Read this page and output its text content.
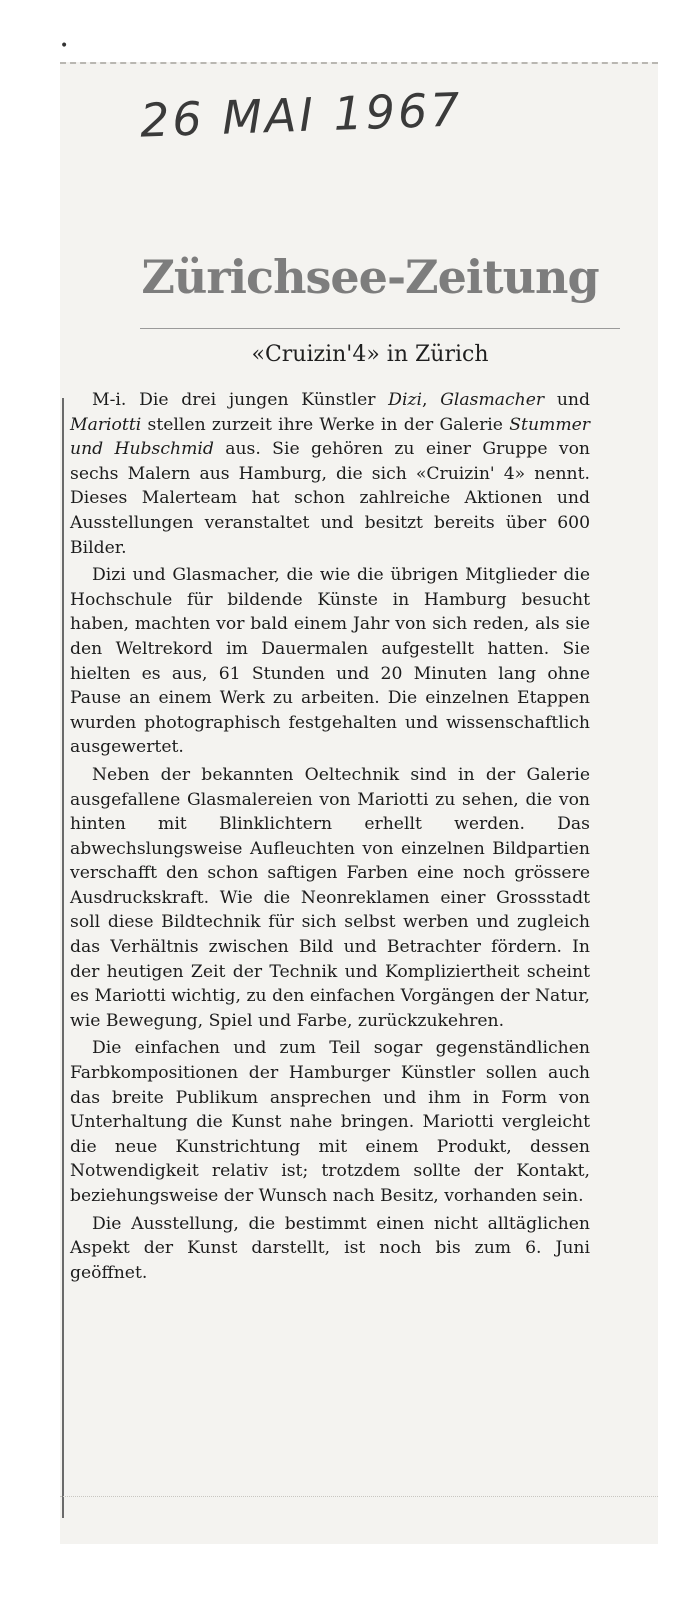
•
26 MAI 1967
Zürichsee-Zeitung
«Cruizin'4» in Zürich

M-i. Die drei jungen Künstler Dizi, Glasmacher und Mariotti stellen zurzeit ihre Werke in der Galerie Stummer und Hubschmid aus. Sie gehören zu einer Gruppe von sechs Malern aus Hamburg, die sich «Cruizin' 4» nennt. Dieses Malerteam hat schon zahlreiche Aktionen und Ausstellungen veranstaltet und besitzt bereits über 600 Bilder.

Dizi und Glasmacher, die wie die übrigen Mitglieder die Hochschule für bildende Künste in Hamburg besucht haben, machten vor bald einem Jahr von sich reden, als sie den Weltrekord im Dauermalen aufgestellt hatten. Sie hielten es aus, 61 Stunden und 20 Minuten lang ohne Pause an einem Werk zu arbeiten. Die einzelnen Etappen wurden photographisch festgehalten und wissenschaftlich ausgewertet.

Neben der bekannten Oeltechnik sind in der Galerie ausgefallene Glasmalereien von Mariotti zu sehen, die von hinten mit Blinklichtern erhellt werden. Das abwechslungsweise Aufleuchten von einzelnen Bildpartien verschafft den schon saftigen Farben eine noch grössere Ausdruckskraft. Wie die Neonreklamen einer Grossstadt soll diese Bildtechnik für sich selbst werben und zugleich das Verhältnis zwischen Bild und Betrachter fördern. In der heutigen Zeit der Technik und Kompliziertheit scheint es Mariotti wichtig, zu den einfachen Vorgängen der Natur, wie Bewegung, Spiel und Farbe, zurückzukehren.

Die einfachen und zum Teil sogar gegenständlichen Farbkompositionen der Hamburger Künstler sollen auch das breite Publikum ansprechen und ihm in Form von Unterhaltung die Kunst nahe bringen. Mariotti vergleicht die neue Kunstrichtung mit einem Produkt, dessen Notwendigkeit relativ ist; trotzdem sollte der Kontakt, beziehungsweise der Wunsch nach Besitz, vorhanden sein.

Die Ausstellung, die bestimmt einen nicht alltäglichen Aspekt der Kunst darstellt, ist noch bis zum 6. Juni geöffnet.
